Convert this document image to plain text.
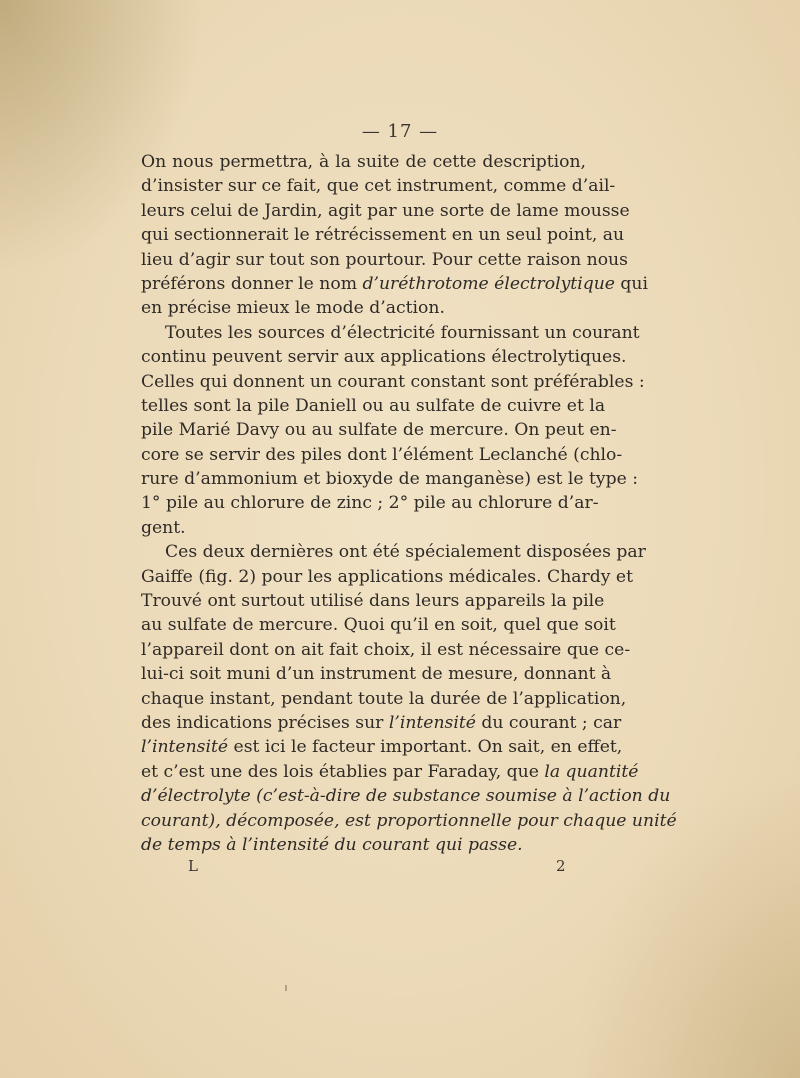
— 17 —
On nous permettra, à la suite de cette description,
d’insister sur ce fait, que cet instrument, comme d’ail-
leurs celui de Jardin, agit par une sorte de lame mousse
qui sectionnerait le rétrécissement en un seul point, au
lieu d’agir sur tout son pourtour. Pour cette raison nous
préférons donner le nom d’uréthrotome électrolytique qui
en précise mieux le mode d’action.
Toutes les sources d’électricité fournissant un courant
continu peuvent servir aux applications électrolytiques.
Celles qui donnent un courant constant sont préférables :
telles sont la pile Daniell ou au sulfate de cuivre et la
pile Marié Davy ou au sulfate de mercure. On peut en-
core se servir des piles dont l’élément Leclanché (chlo-
rure d’ammonium et bioxyde de manganèse) est le type :
1° pile au chlorure de zinc ; 2° pile au chlorure d’ar-
gent.
Ces deux dernières ont été spécialement disposées par
Gaiffe (fig. 2) pour les applications médicales. Chardy et
Trouvé ont surtout utilisé dans leurs appareils la pile
au sulfate de mercure. Quoi qu’il en soit, quel que soit
l’appareil dont on ait fait choix, il est nécessaire que ce-
lui-ci soit muni d’un instrument de mesure, donnant à
chaque instant, pendant toute la durée de l’application,
des indications précises sur l’intensité du courant ; car
l’intensité est ici le facteur important. On sait, en effet,
et c’est une des lois établies par Faraday, que la quantité
d’électrolyte (c’est-à-dire de substance soumise à l’action du
courant), décomposée, est proportionnelle pour chaque unité
de temps à l’intensité du courant qui passe.
L	2
